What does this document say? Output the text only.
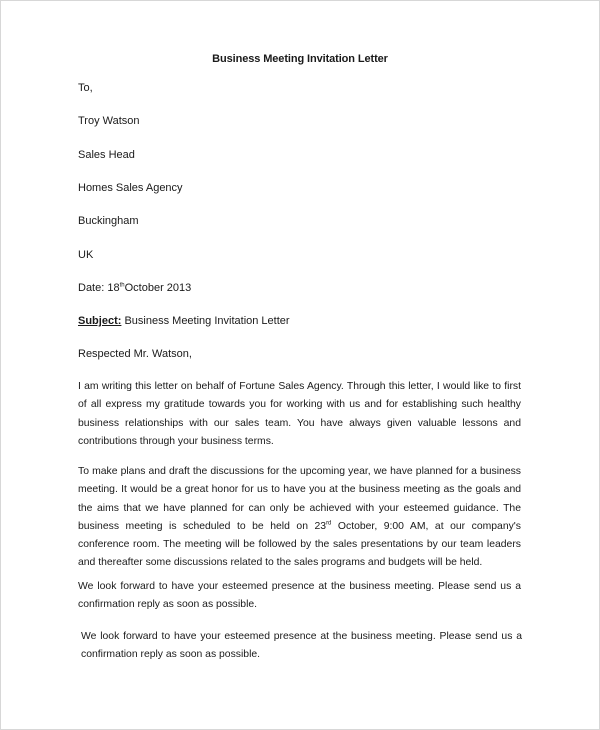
Business Meeting Invitation Letter
To,
Troy Watson
Sales Head
Homes Sales Agency
Buckingham
UK
Date: 18thOctober 2013
Subject: Business Meeting Invitation Letter
Respected Mr. Watson,
I am writing this letter on behalf of Fortune Sales Agency. Through this letter, I would like to first of all express my gratitude towards you for working with us and for establishing such healthy business relationships with our sales team. You have always given valuable lessons and contributions through your business terms.
To make plans and draft the discussions for the upcoming year, we have planned for a business meeting. It would be a great honor for us to have you at the business meeting as the goals and the aims that we have planned for can only be achieved with your esteemed guidance. The business meeting is scheduled to be held on 23rd October, 9:00 AM, at our company's conference room. The meeting will be followed by the sales presentations by our team leaders and thereafter some discussions related to the sales programs and budgets will be held.
We look forward to have your esteemed presence at the business meeting. Please send us a confirmation reply as soon as possible.
We look forward to have your esteemed presence at the business meeting. Please send us a confirmation reply as soon as possible.
